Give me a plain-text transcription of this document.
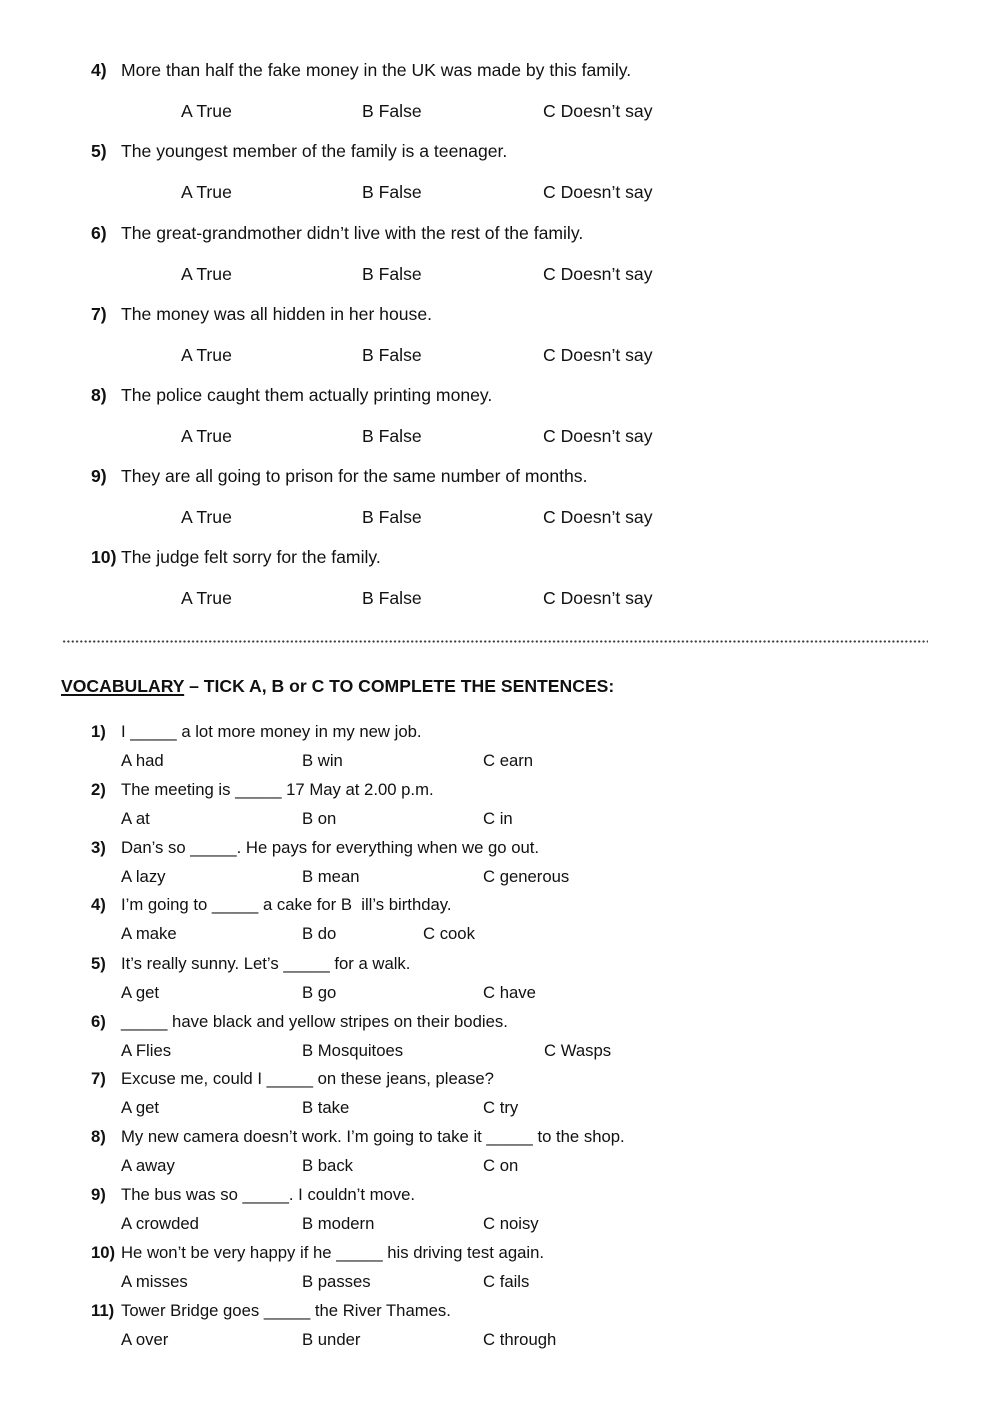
4) More than half the fake money in the UK was made by this family.
A True	B False	C Doesn’t say
5) The youngest member of the family is a teenager.
A True	B False	C Doesn’t say
6) The great-grandmother didn’t live with the rest of the family.
A True	B False	C Doesn’t say
7) The money was all hidden in her house.
A True	B False	C Doesn’t say
8) The police caught them actually printing money.
A True	B False	C Doesn’t say
9) They are all going to prison for the same number of months.
A True	B False	C Doesn’t say
10) The judge felt sorry for the family.
A True	B False	C Doesn’t say
VOCABULARY – TICK A, B or C TO COMPLETE THE SENTENCES:
1) I _____ a lot more money in my new job.
A had	B win	C earn
2) The meeting is _____ 17 May at 2.00 p.m.
A at	B on	C in
3) Dan’s so _____. He pays for everything when we go out.
A lazy	B mean	C generous
4) I’m going to _____ a cake for B  ill’s birthday.
A make	B do	C cook
5) It’s really sunny. Let’s _____ for a walk.
A get	B go	C have
6) _____ have black and yellow stripes on their bodies.
A Flies	B Mosquitoes	C Wasps
7) Excuse me, could I _____ on these jeans, please?
A get	B take	C try
8) My new camera doesn’t work. I’m going to take it _____ to the shop.
A away	B back	C on
9) The bus was so _____. I couldn’t move.
A crowded	B modern	C noisy
10) He won’t be very happy if he _____ his driving test again.
A misses	B passes	C fails
11) Tower Bridge goes _____ the River Thames.
A over	B under	C through
